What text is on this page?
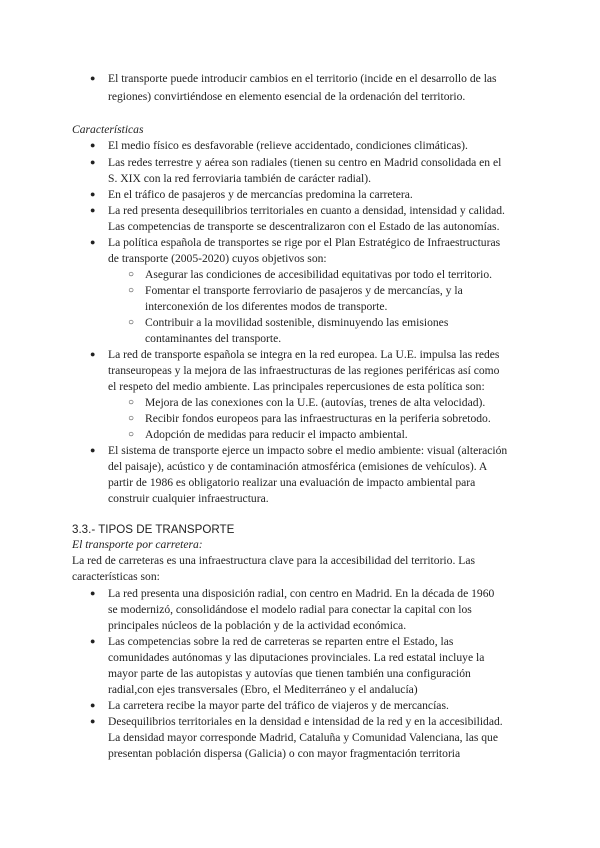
● El transporte puede introducir cambios en el territorio (incide en el desarrollo de las
regiones) convirtiéndose en elemento esencial de la ordenación del territorio.
Características
● El medio físico es desfavorable (relieve accidentado, condiciones climáticas).
● Las redes terrestre y aérea son radiales (tienen su centro en Madrid consolidada en el
S. XIX con la red ferroviaria también de carácter radial).
● En el tráfico de pasajeros y de mercancías predomina la carretera.
● La red presenta desequilibrios territoriales en cuanto a densidad, intensidad y calidad.
Las competencias de transporte se descentralizaron con el Estado de las autonomías.
● La política española de transportes se rige por el Plan Estratégico de Infraestructuras
de transporte (2005-2020) cuyos objetivos son:
○ Asegurar las condiciones de accesibilidad equitativas por todo el territorio.
○ Fomentar el transporte ferroviario de pasajeros y de mercancías, y la
interconexión de los diferentes modos de transporte.
○ Contribuir a la movilidad sostenible, disminuyendo las emisiones
contaminantes del transporte.
● La red de transporte española se integra en la red europea. La U.E. impulsa las redes
transeuropeas y la mejora de las infraestructuras de las regiones periféricas así como
el respeto del medio ambiente. Las principales repercusiones de esta política son:
○ Mejora de las conexiones con la U.E. (autovías, trenes de alta velocidad).
○ Recibir fondos europeos para las infraestructuras en la periferia sobretodo.
○ Adopción de medidas para reducir el impacto ambiental.
● El sistema de transporte ejerce un impacto sobre el medio ambiente: visual (alteración
del paisaje), acústico y de contaminación atmosférica (emisiones de vehículos). A
partir de 1986 es obligatorio realizar una evaluación de impacto ambiental para
construir cualquier infraestructura.
3.3.- TIPOS DE TRANSPORTE
El transporte por carretera:
La red de carreteras es una infraestructura clave para la accesibilidad del territorio. Las
características son:
● La red presenta una disposición radial, con centro en Madrid. En la década de 1960
se modernizó, consolidándose el modelo radial para conectar la capital con los
principales núcleos de la población y de la actividad económica.
● Las competencias sobre la red de carreteras se reparten entre el Estado, las
comunidades autónomas y las diputaciones provinciales. La red estatal incluye la
mayor parte de las autopistas y autovías que tienen también una configuración
radial,con ejes transversales (Ebro, el Mediterráneo y el andalucía)
● La carretera recibe la mayor parte del tráfico de viajeros y de mercancías.
● Desequilibrios territoriales en la densidad e intensidad de la red y en la accesibilidad.
La densidad mayor corresponde Madrid, Cataluña y Comunidad Valenciana, las que
presentan población dispersa (Galicia) o con mayor fragmentación territoria
